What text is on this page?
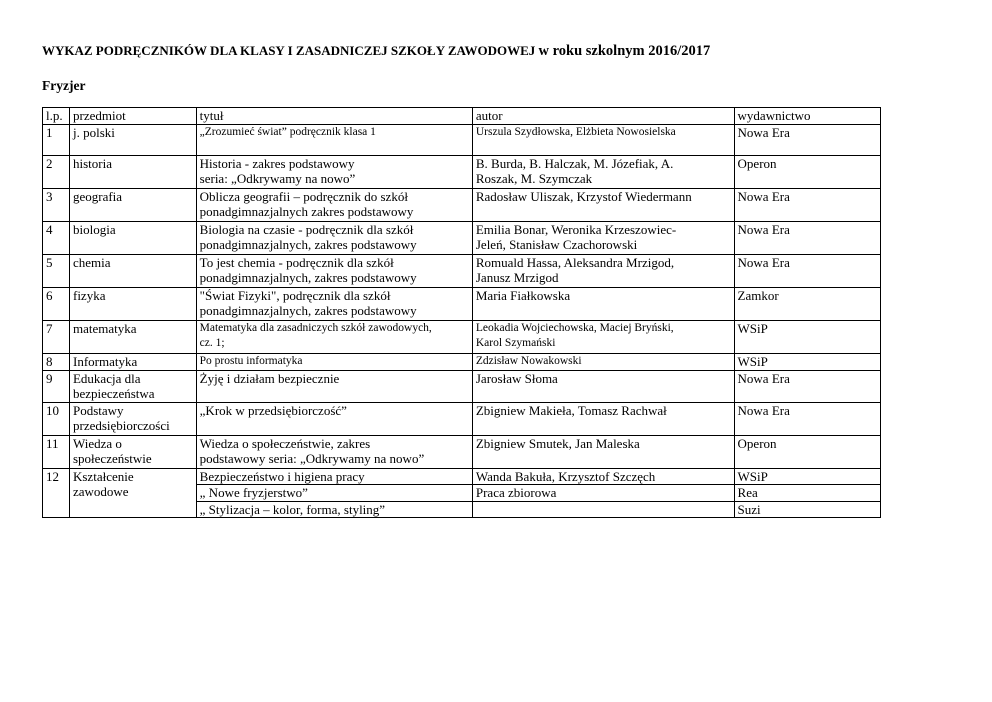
WYKAZ PODRĘCZNIKÓW DLA KLASY I ZASADNICZEJ SZKOŁY ZAWODOWEJ w roku szkolnym 2016/2017
Fryzjer
l.p.	przedmiot	tytuł	autor	wydawnictwo

1	j. polski	„Zrozumieć świat” podręcznik klasa 1	Urszula Szydłowska, Elżbieta Nowosielska	Nowa Era

2	historia	Historia - zakres podstawowy
seria: „Odkrywamy na nowo”	B. Burda, B. Halczak, M. Józefiak, A.
Roszak, M. Szymczak	Operon

3	geografia	Oblicza geografii – podręcznik do szkół
ponadgimnazjalnych zakres podstawowy	Radosław Uliszak, Krzystof Wiedermann	Nowa Era

4	biologia	Biologia na czasie - podręcznik dla szkół
ponadgimnazjalnych, zakres podstawowy	Emilia Bonar, Weronika Krzeszowiec-
Jeleń, Stanisław Czachorowski	Nowa Era

5	chemia	To jest chemia - podręcznik dla szkół
ponadgimnazjalnych, zakres podstawowy	Romuald Hassa, Aleksandra Mrzigod,
Janusz Mrzigod	Nowa Era

6	fizyka	"Świat Fizyki", podręcznik dla szkół
ponadgimnazjalnych, zakres podstawowy	Maria Fiałkowska	Zamkor

7	matematyka	Matematyka dla zasadniczych szkół zawodowych,
cz. 1;	Leokadia Wojciechowska, Maciej Bryński,
Karol Szymański	WSiP

8	Informatyka	Po prostu informatyka	Zdzisław Nowakowski	WSiP

9	Edukacja dla
bezpieczeństwa	Żyję i działam bezpiecznie	Jarosław Słoma	Nowa Era

10	Podstawy
przedsiębiorczości	„Krok w przedsiębiorczość”	Zbigniew Makieła, Tomasz Rachwał	Nowa Era

11	Wiedza o
społeczeństwie	Wiedza o społeczeństwie, zakres
podstawowy seria: „Odkrywamy na nowo”	Zbigniew Smutek, Jan Maleska	Operon

12	Kształcenie
zawodowe	Bezpieczeństwo i higiena pracy	Wanda Bakuła, Krzysztof Szczęch	WSiP

		„ Nowe fryzjerstwo”	Praca zbiorowa	Rea

		„ Stylizacja – kolor, forma, styling”		Suzi
